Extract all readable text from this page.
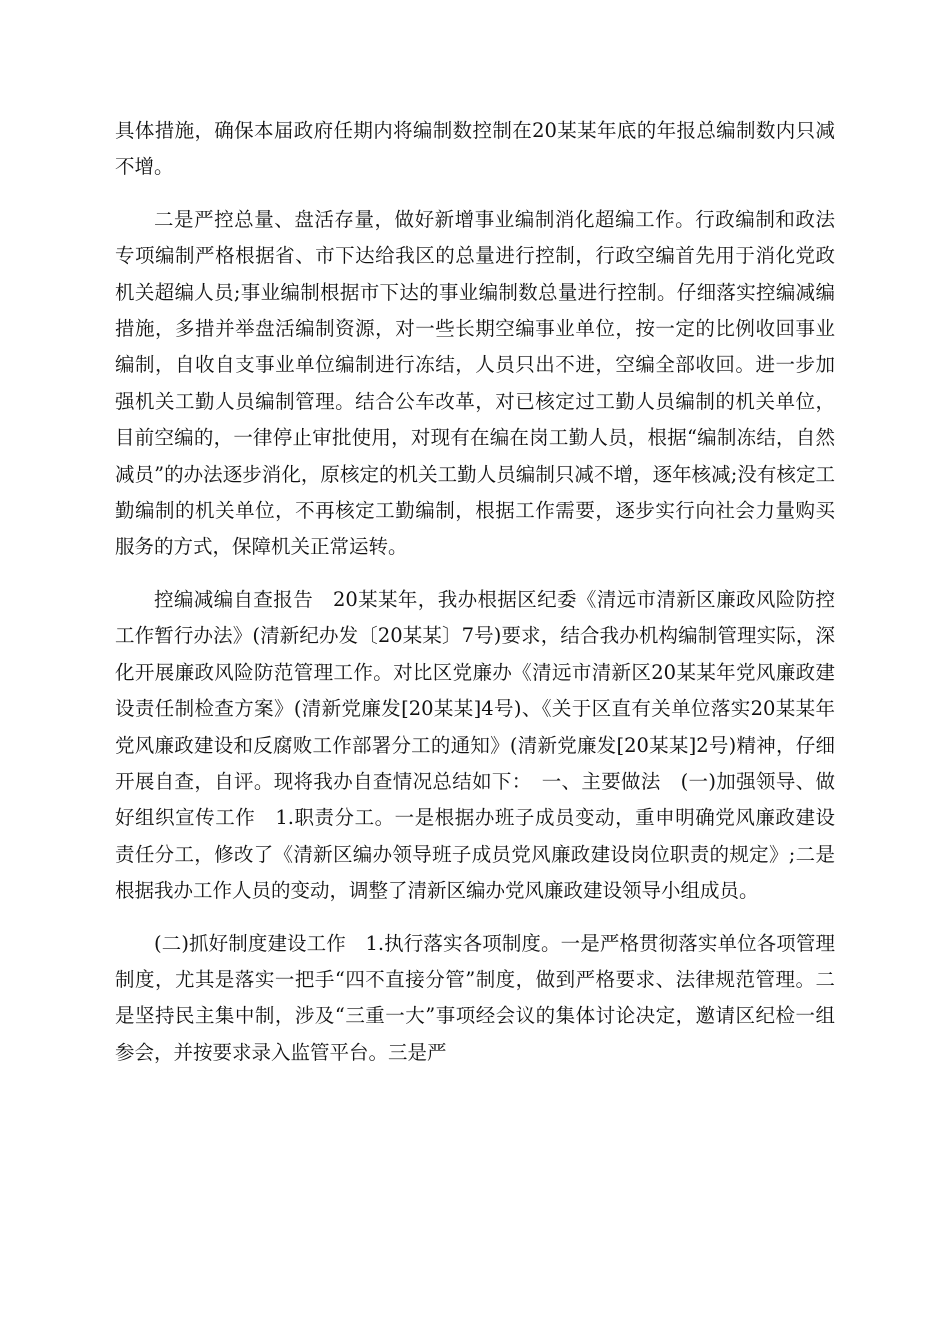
具体措施，确保本届政府任期内将编制数控制在20某某年底的年报总编制数内只减不增。

二是严控总量、盘活存量，做好新增事业编制消化超编工作。行政编制和政法专项编制严格根据省、市下达给我区的总量进行控制，行政空编首先用于消化党政机关超编人员;事业编制根据市下达的事业编制数总量进行控制。仔细落实控编减编措施，多措并举盘活编制资源，对一些长期空编事业单位，按一定的比例收回事业编制，自收自支事业单位编制进行冻结，人员只出不进，空编全部收回。进一步加强机关工勤人员编制管理。结合公车改革，对已核定过工勤人员编制的机关单位，目前空编的，一律停止审批使用，对现有在编在岗工勤人员，根据“编制冻结，自然减员”的办法逐步消化，原核定的机关工勤人员编制只减不增，逐年核减;没有核定工勤编制的机关单位，不再核定工勤编制，根据工作需要，逐步实行向社会力量购买服务的方式，保障机关正常运转。

控编减编自查报告　20某某年，我办根据区纪委《清远市清新区廉政风险防控工作暂行办法》(清新纪办发〔20某某〕7号)要求，结合我办机构编制管理实际，深化开展廉政风险防范管理工作。对比区党廉办《清远市清新区20某某年党风廉政建设责任制检查方案》(清新党廉发[20某某]4号)、《关于区直有关单位落实20某某年党风廉政建设和反腐败工作部署分工的通知》(清新党廉发[20某某]2号)精神，仔细开展自查，自评。现将我办自查情况总结如下：　一、主要做法　(一)加强领导、做好组织宣传工作　1.职责分工。一是根据办班子成员变动，重申明确党风廉政建设责任分工，修改了《清新区编办领导班子成员党风廉政建设岗位职责的规定》;二是根据我办工作人员的变动，调整了清新区编办党风廉政建设领导小组成员。

(二)抓好制度建设工作　1.执行落实各项制度。一是严格贯彻落实单位各项管理制度，尤其是落实一把手“四不直接分管”制度，做到严格要求、法律规范管理。二是坚持民主集中制，涉及“三重一大”事项经会议的集体讨论决定，邀请区纪检一组参会，并按要求录入监管平台。三是严
